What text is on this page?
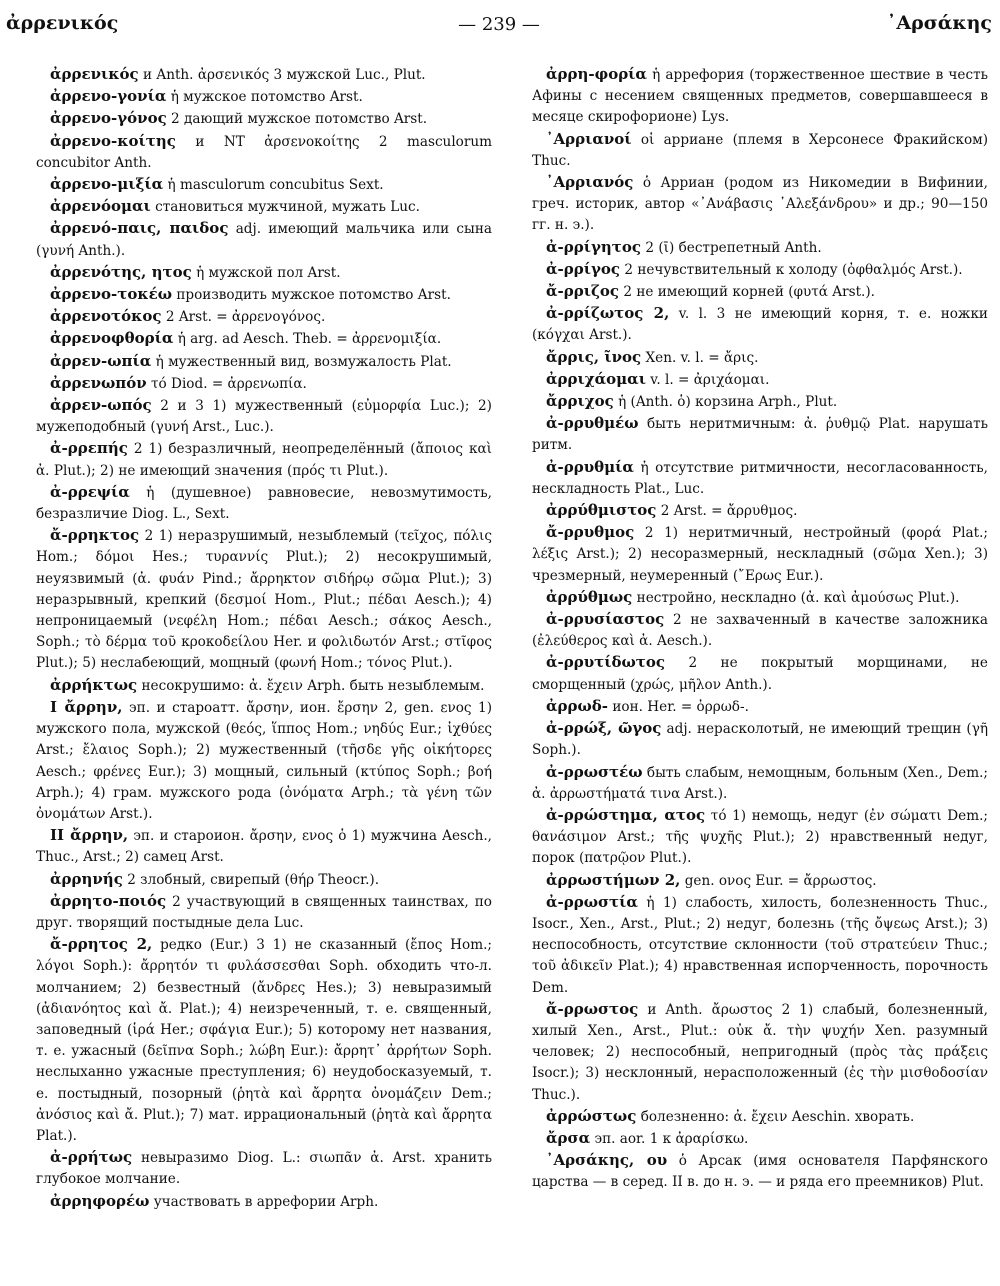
ἀρρενικός	— 239 —	᾿Αρσάκης

ἀρρενικός и Anth. ἀρσενικός 3 мужской Luc., Plut.

ἀρρενο-γονία ἡ мужское потомство Arst.

ἀρρενο-γόνος 2 дающий мужское потомство Arst.

ἀρρενο-κοίτης и NT ἀρσενοκοίτης 2 masculorum concubitor Anth.

ἀρρενο-μιξία ἡ masculorum concubitus Sext.

ἀρρενόομαι становиться мужчиной, мужать Luc.

ἀρρενό-παις, παιδος adj. имеющий мальчика или сына (γυνή Anth.).

ἀρρενότης, ητος ἡ мужской пол Arst.

ἀρρενο-τοκέω производить мужское потомство Arst.

ἀρρενοτόκος 2 Arst. = ἀρρενογόνος.

ἀρρενοφθορία ἡ arg. ad Aesch. Theb. = ἀρρενομιξία.

ἀρρεν-ωπία ἡ мужественный вид, возмужалость Plat.

ἀρρενωπόν τό Diod. = ἀρρενωπία.

ἀρρεν-ωπός 2 и 3 1) мужественный (εὐμορφία Luc.); 2) мужеподобный (γυνή Arst., Luc.).

ἀ-ρρεπής 2 1) безразличный, неопределённый (ἄποιος καὶ ἀ. Plut.); 2) не имеющий значения (πρός τι Plut.).

ἀ-ρρεψία ἡ (душевное) равновесие, невозмутимость, безразличие Diog. L., Sext.

ἄ-ρρηκτος 2 1) неразрушимый, незыблемый (τεῖχος, πόλις Hom.; δόμοι Hes.; τυραννίς Plut.); 2) несокрушимый, неуязвимый (ἀ. φυάν Pind.; ἄρρηκτον σιδήρῳ σῶμα Plut.); 3) неразрывный, крепкий (δεσμοί Hom., Plut.; πέδαι Aesch.); 4) непроницаемый (νεφέλη Hom.; πέδαι Aesch.; σάκος Aesch., Soph.; τὸ δέρμα τοῦ κροκοδείλου Her. и φολιδωτόν Arst.; στῖφος Plut.); 5) неслабеющий, мощный (φωνή Hom.; τόνος Plut.).

ἀρρήκτως несокрушимо: ἀ. ἔχειν Arph. быть незыблемым.

I ἄρρην, эп. и староатт. ἄρσην, ион. ἔρσην 2, gen. ενος 1) мужского пола, мужской (θεός, ἵππος Hom.; νηδύς Eur.; ἰχθύες Arst.; ἔλαιος Soph.); 2) мужественный (τῆσδε γῆς οἰκήτορες Aesch.; φρένες Eur.); 3) мощный, сильный (κτύπος Soph.; βοή Arph.); 4) грам. мужского рода (ὀνόματα Arph.; τὰ γένη τῶν ὀνομάτων Arst.).

II ἄρρην, эп. и староион. ἄρσην, ενος ὁ 1) мужчина Aesch., Thuc., Arst.; 2) самец Arst.

ἀρρηνής 2 злобный, свирепый (θήρ Theocr.).

ἀρρητο-ποιός 2 участвующий в священных таинствах, по друг. творящий постыдные дела Luc.

ἄ-ρρητος 2, редко (Eur.) 3 1) не сказанный (ἔπος Hom.; λόγοι Soph.): ἄρρητόν τι φυλάσσεσθαι Soph. обходить что-л. молчанием; 2) безвестный (ἄνδρες Hes.); 3) невыразимый (ἀδιανόητος καὶ ἄ. Plat.); 4) неизреченный, т. е. священный, заповедный (ἱρά Her.; σφάγια Eur.); 5) которому нет названия, т. е. ужасный (δεῖπνα Soph.; λώβη Eur.): ἄρρητ᾽ ἀρρήτων Soph. неслыханно ужасные преступления; 6) неудобосказуемый, т. е. постыдный, позорный (ῥητὰ καὶ ἄρρητα ὀνομάζειν Dem.; ἀνόσιος καὶ ἄ. Plut.); 7) мат. иррациональный (ῥητὰ καὶ ἄρρητα Plat.).

ἀ-ρρήτως невыразимо Diog. L.: σιωπᾶν ἀ. Arst. хранить глубокое молчание.

ἀρρηφορέω участвовать в аррефории Arph.

ἀρρη-φορία ἡ аррефория (торжественное шествие в честь Афины с несением священных предметов, совершавшееся в месяце скирофорионе) Lys.

᾿Αρριανοί οἱ арриане (племя в Херсонесе Фракийском) Thuc.

᾿Αρριανός ὁ Арриан (родом из Никомедии в Вифинии, греч. историк, автор «᾿Ανάβασις ᾿Αλεξάνδρου» и др.; 90—150 гг. н. э.).

ἀ-ρρίγητος 2 (ῑ) бестрепетный Anth.

ἀ-ρρίγος 2 нечувствительный к холоду (ὀφθαλμός Arst.).

ἄ-ρριζος 2 не имеющий корней (φυτά Arst.).

ἀ-ρρίζωτος 2, v. l. 3 не имеющий корня, т. е. ножки (κόγχαι Arst.).

ἄρρις, ῖνος Xen. v. l. = ἄρις.

ἀρριχάομαι v. l. = ἀριχάομαι.

ἄρριχος ἡ (Anth. ὁ) корзина Arph., Plut.

ἀ-ρρυθμέω быть неритмичным: ἀ. ῥυθμῷ Plat. нарушать ритм.

ἀ-ρρυθμία ἡ отсутствие ритмичности, несогласованность, нескладность Plat., Luc.

ἀρρύθμιστος 2 Arst. = ἄρρυθμος.

ἄ-ρρυθμος 2 1) неритмичный, нестройный (φορά Plat.; λέξις Arst.); 2) несоразмерный, нескладный (σῶμα Xen.); 3) чрезмерный, неумеренный (῎Ερως Eur.).

ἀρρύθμως нестройно, нескладно (ἀ. καὶ ἀμούσως Plut.).

ἀ-ρρυσίαστος 2 не захваченный в качестве заложника (ἐλεύθερος καὶ ἀ. Aesch.).

ἀ-ρρυτίδωτος 2 не покрытый морщинами, не сморщенный (χρώς, μῆλον Anth.).

ἀρρωδ- ион. Her. = ὀρρωδ-.

ἀ-ρρώξ, ῶγος adj. нерасколотый, не имеющий трещин (γῆ Soph.).

ἀ-ρρωστέω быть слабым, немощным, больным (Xen., Dem.; ἀ. ἀρρωστήματά τινα Arst.).

ἀ-ρρώστημα, ατος τό 1) немощь, недуг (ἐν σώματι Dem.; θανάσιμον Arst.; τῆς ψυχῆς Plut.); 2) нравственный недуг, порок (πατρῷον Plut.).

ἀρρωστήμων 2, gen. ονος Eur. = ἄρρωστος.

ἀ-ρρωστία ἡ 1) слабость, хилость, болезненность Thuc., Isocr., Xen., Arst., Plut.; 2) недуг, болезнь (τῆς ὄψεως Arst.); 3) неспособность, отсутствие склонности (τοῦ στρατεύειν Thuc.; τοῦ ἀδικεῖν Plat.); 4) нравственная испорченность, порочность Dem.

ἄ-ρρωστος и Anth. ἄρωστος 2 1) слабый, болезненный, хилый Xen., Arst., Plut.: οὐκ ἄ. τὴν ψυχήν Xen. разумный человек; 2) неспособный, непригодный (πρὸς τὰς πράξεις Isocr.); 3) несклонный, нерасположенный (ἐς τὴν μισθοδοσίαν Thuc.).

ἀρρώστως болезненно: ἀ. ἔχειν Aeschin. хворать.

ἄρσα эп. aor. 1 к ἀραρίσκω.

᾿Αρσάκης, ου ὁ Арсак (имя основателя Парфянского царства — в серед. II в. до н. э. — и ряда его преемников) Plut.
